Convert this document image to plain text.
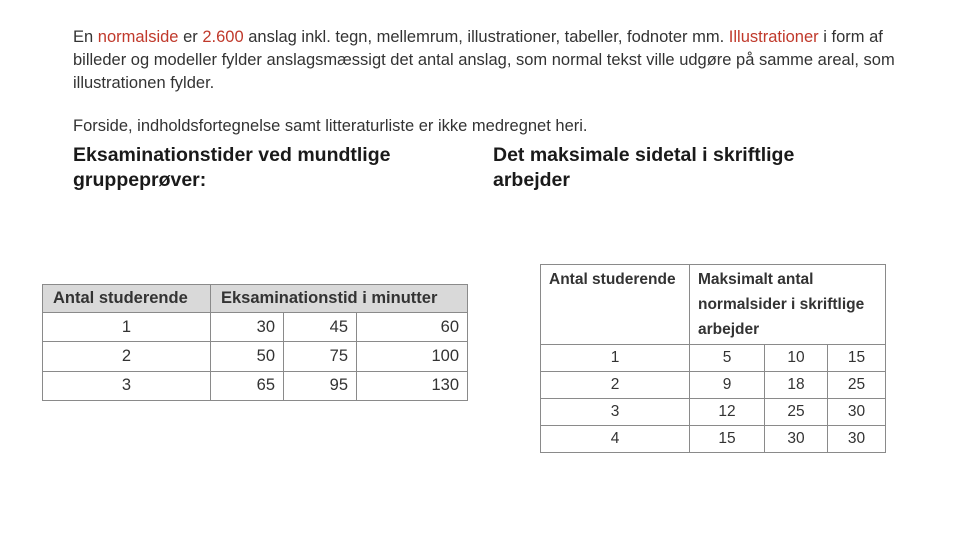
En normalside er 2.600 anslag inkl. tegn, mellemrum, illustrationer, tabeller, fodnoter mm. Illustrationer i form af billeder og modeller fylder anslagsmæssigt det antal anslag, som normal tekst ville udgøre på samme areal, som illustrationen fylder.

Forside, indholdsfortegnelse samt litteraturliste er ikke medregnet heri.

Eksaminationstider ved mundtlige gruppeprøver:
Det maksimale sidetal i skriftlige arbejder
Antal studerende	Eksaminationstid i minutter		
1	30	45	60
2	50	75	100
3	65	95	130
Antal studerende	Maksimalt antal normalsider i skriftlige arbejder		
1	5	10	15
2	9	18	25
3	12	25	30
4	15	30	30
